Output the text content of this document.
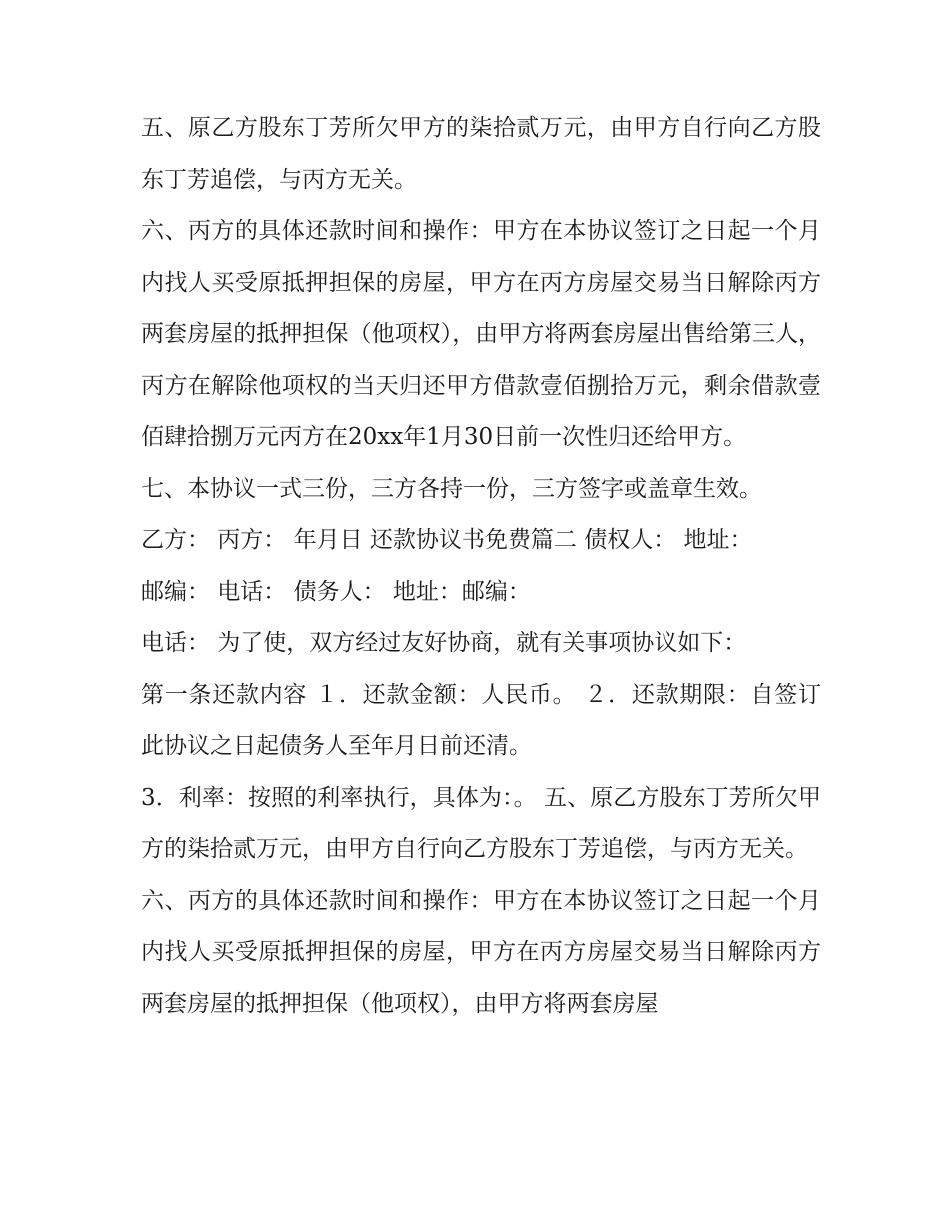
五、原乙方股东丁芳所欠甲方的柒拾贰万元，由甲方自行向乙方股东丁芳追偿，与丙方无关。

六、丙方的具体还款时间和操作：甲方在本协议签订之日起一个月内找人买受原抵押担保的房屋，甲方在丙方房屋交易当日解除丙方两套房屋的抵押担保（他项权），由甲方将两套房屋出售给第三人，丙方在解除他项权的当天归还甲方借款壹佰捌拾万元，剩余借款壹佰肆拾捌万元丙方在20xx年1月30日前一次性归还给甲方。

七、本协议一式三份，三方各持一份，三方签字或盖章生效。

乙方： 丙方： 年月日 还款协议书免费篇二 债权人： 地址：

邮编： 电话： 债务人： 地址：邮编：

电话： 为了使，双方经过友好协商，就有关事项协议如下：

第一条还款内容 １．还款金额：人民币。 ２．还款期限：自签订此协议之日起债务人至年月日前还清。

3．利率：按照的利率执行，具体为：。 五、原乙方股东丁芳所欠甲方的柒拾贰万元，由甲方自行向乙方股东丁芳追偿，与丙方无关。

六、丙方的具体还款时间和操作：甲方在本协议签订之日起一个月内找人买受原抵押担保的房屋，甲方在丙方房屋交易当日解除丙方两套房屋的抵押担保（他项权），由甲方将两套房屋
